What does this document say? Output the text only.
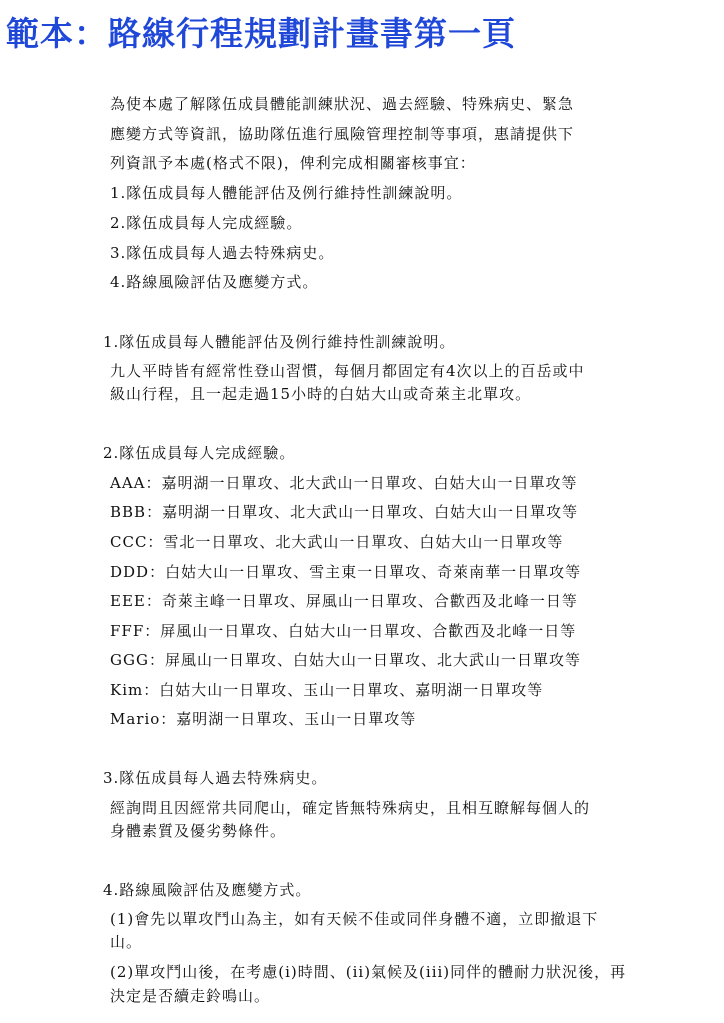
範本：路線行程規劃計畫書第一頁
為使本處了解隊伍成員體能訓練狀況、過去經驗、特殊病史、緊急
應變方式等資訊，協助隊伍進行風險管理控制等事項，惠請提供下
列資訊予本處(格式不限)，俾利完成相關審核事宜：
1.隊伍成員每人體能評估及例行維持性訓練說明。
2.隊伍成員每人完成經驗。
3.隊伍成員每人過去特殊病史。
4.路線風險評估及應變方式。
1.隊伍成員每人體能評估及例行維持性訓練說明。
九人平時皆有經常性登山習慣，每個月都固定有4次以上的百岳或中
級山行程，且一起走過15小時的白姑大山或奇萊主北單攻。
2.隊伍成員每人完成經驗。
AAA：嘉明湖一日單攻、北大武山一日單攻、白姑大山一日單攻等
BBB：嘉明湖一日單攻、北大武山一日單攻、白姑大山一日單攻等
CCC：雪北一日單攻、北大武山一日單攻、白姑大山一日單攻等
DDD：白姑大山一日單攻、雪主東一日單攻、奇萊南華一日單攻等
EEE：奇萊主峰一日單攻、屏風山一日單攻、合歡西及北峰一日等
FFF：屏風山一日單攻、白姑大山一日單攻、合歡西及北峰一日等
GGG：屏風山一日單攻、白姑大山一日單攻、北大武山一日單攻等
Kim：白姑大山一日單攻、玉山一日單攻、嘉明湖一日單攻等
Mario：嘉明湖一日單攻、玉山一日單攻等
3.隊伍成員每人過去特殊病史。
經詢問且因經常共同爬山，確定皆無特殊病史，且相互瞭解每個人的
身體素質及優劣勢條件。
4.路線風險評估及應變方式。
(1)會先以單攻鬥山為主，如有天候不佳或同伴身體不適，立即撤退下
山。
(2)單攻鬥山後，在考慮(i)時間、(ii)氣候及(iii)同伴的體耐力狀況後，再
決定是否續走鈴鳴山。
